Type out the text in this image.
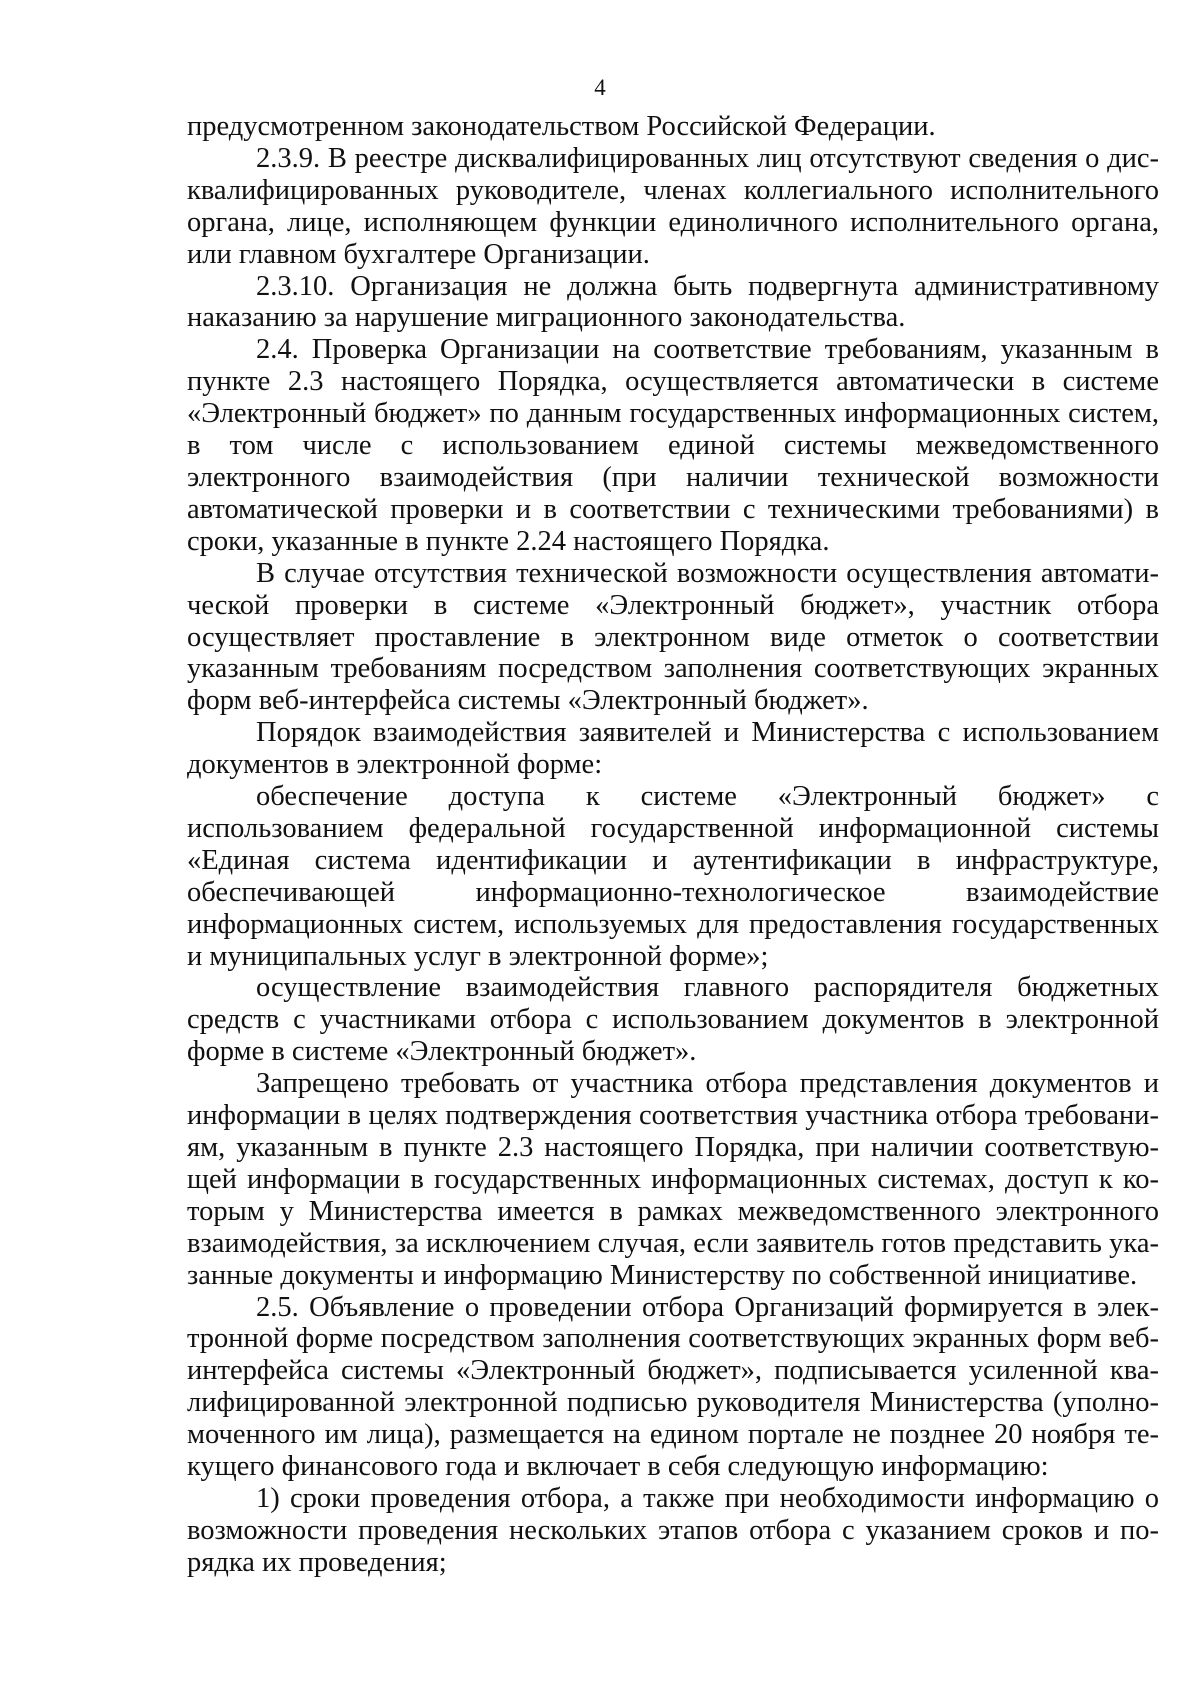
4

предусмотренном законодательством Российской Федерации.

2.3.9. В реестре дисквалифицированных лиц отсутствуют сведения о дисквалифицированных руководителе, членах коллегиального исполнительного органа, лице, исполняющем функции единоличного исполнительного органа, или главном бухгалтере Организации.

2.3.10. Организация не должна быть подвергнута административному наказанию за нарушение миграционного законодательства.

2.4. Проверка Организации на соответствие требованиям, указанным в пункте 2.3 настоящего Порядка, осуществляется автоматически в системе «Электронный бюджет» по данным государственных информационных систем, в том числе с использованием единой системы межведомственного электронного взаимодействия (при наличии технической возможности автоматической проверки и в соответствии с техническими требованиями) в сроки, указанные в пункте 2.24 настоящего Порядка.

В случае отсутствия технической возможности осуществления автоматической проверки в системе «Электронный бюджет», участник отбора осуществляет проставление в электронном виде отметок о соответствии указанным требованиям посредством заполнения соответствующих экранных форм веб-интерфейса системы «Электронный бюджет».

Порядок взаимодействия заявителей и Министерства с использованием документов в электронной форме:

обеспечение доступа к системе «Электронный бюджет» с использованием федеральной государственной информационной системы «Единая система идентификации и аутентификации в инфраструктуре, обеспечивающей информационно-технологическое взаимодействие информационных систем, используемых для предоставления государственных и муниципальных услуг в электронной форме»;

осуществление взаимодействия главного распорядителя бюджетных средств с участниками отбора с использованием документов в электронной форме в системе «Электронный бюджет».

Запрещено требовать от участника отбора представления документов и информации в целях подтверждения соответствия участника отбора требованиям, указанным в пункте 2.3 настоящего Порядка, при наличии соответствующей информации в государственных информационных системах, доступ к которым у Министерства имеется в рамках межведомственного электронного взаимодействия, за исключением случая, если заявитель готов представить указанные документы и информацию Министерству по собственной инициативе.

2.5. Объявление о проведении отбора Организаций формируется в электронной форме посредством заполнения соответствующих экранных форм веб-интерфейса системы «Электронный бюджет», подписывается усиленной квалифицированной электронной подписью руководителя Министерства (уполномоченного им лица), размещается на едином портале не позднее 20 ноября текущего финансового года и включает в себя следующую информацию:

1) сроки проведения отбора, а также при необходимости информацию о возможности проведения нескольких этапов отбора с указанием сроков и порядка их проведения;
